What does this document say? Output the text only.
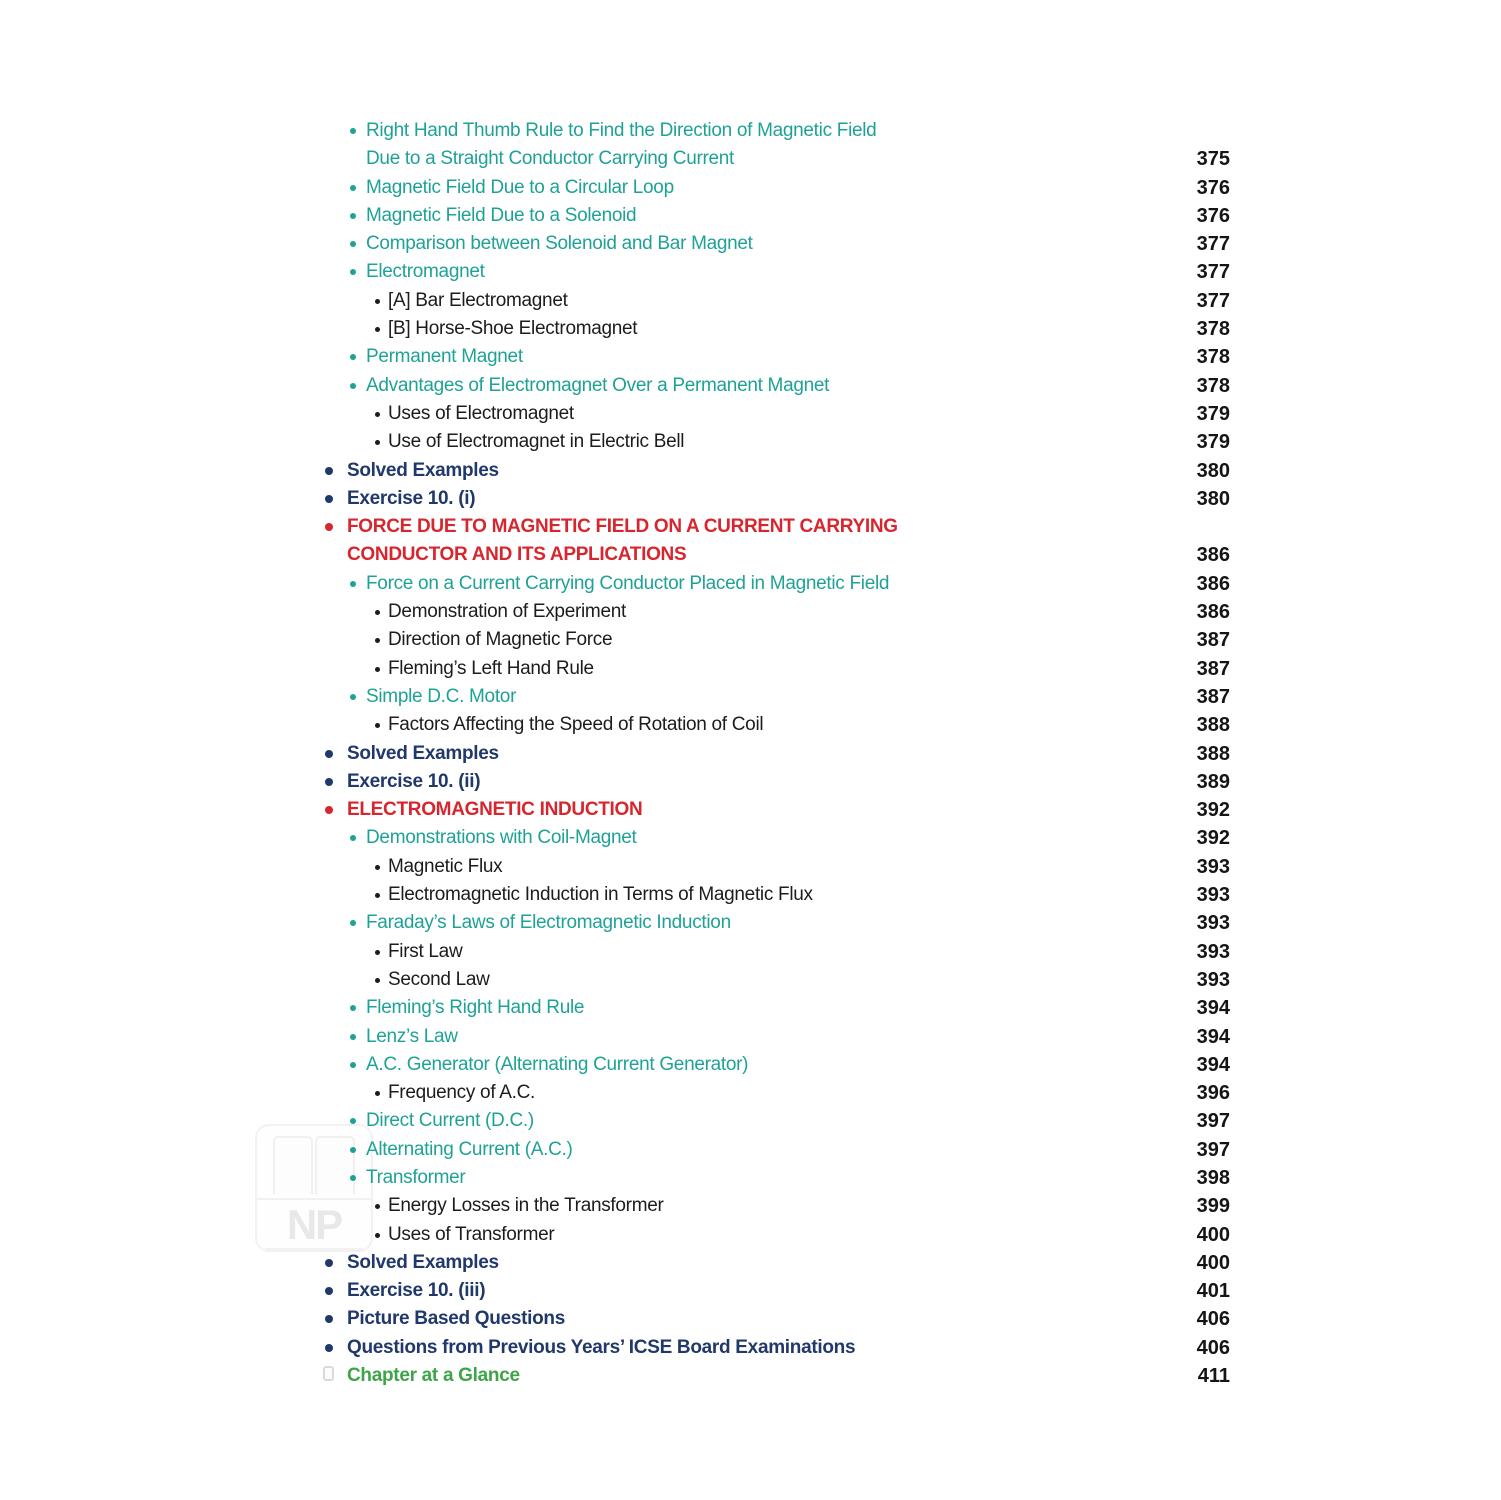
NP
Right Hand Thumb Rule to Find the Direction of Magnetic Field
Due to a Straight Conductor Carrying Current	375
Magnetic Field Due to a Circular Loop	376
Magnetic Field Due to a Solenoid	376
Comparison between Solenoid and Bar Magnet	377
Electromagnet	377
[A] Bar Electromagnet	377
[B] Horse-Shoe Electromagnet	378
Permanent Magnet	378
Advantages of Electromagnet Over a Permanent Magnet	378
Uses of Electromagnet	379
Use of Electromagnet in Electric Bell	379
Solved Examples	380
Exercise 10. (i)	380
FORCE DUE TO MAGNETIC FIELD ON A CURRENT CARRYING
CONDUCTOR AND ITS APPLICATIONS	386
Force on a Current Carrying Conductor Placed in Magnetic Field	386
Demonstration of Experiment	386
Direction of Magnetic Force	387
Fleming’s Left Hand Rule	387
Simple D.C. Motor	387
Factors Affecting the Speed of Rotation of Coil	388
Solved Examples	388
Exercise 10. (ii)	389
ELECTROMAGNETIC INDUCTION	392
Demonstrations with Coil-Magnet	392
Magnetic Flux	393
Electromagnetic Induction in Terms of Magnetic Flux	393
Faraday’s Laws of Electromagnetic Induction	393
First Law	393
Second Law	393
Fleming’s Right Hand Rule	394
Lenz’s Law	394
A.C. Generator (Alternating Current Generator)	394
Frequency of A.C.	396
Direct Current (D.C.)	397
Alternating Current (A.C.)	397
Transformer	398
Energy Losses in the Transformer	399
Uses of Transformer	400
Solved Examples	400
Exercise 10. (iii)	401
Picture Based Questions	406
Questions from Previous Years’ ICSE Board Examinations	406
Chapter at a Glance	411
